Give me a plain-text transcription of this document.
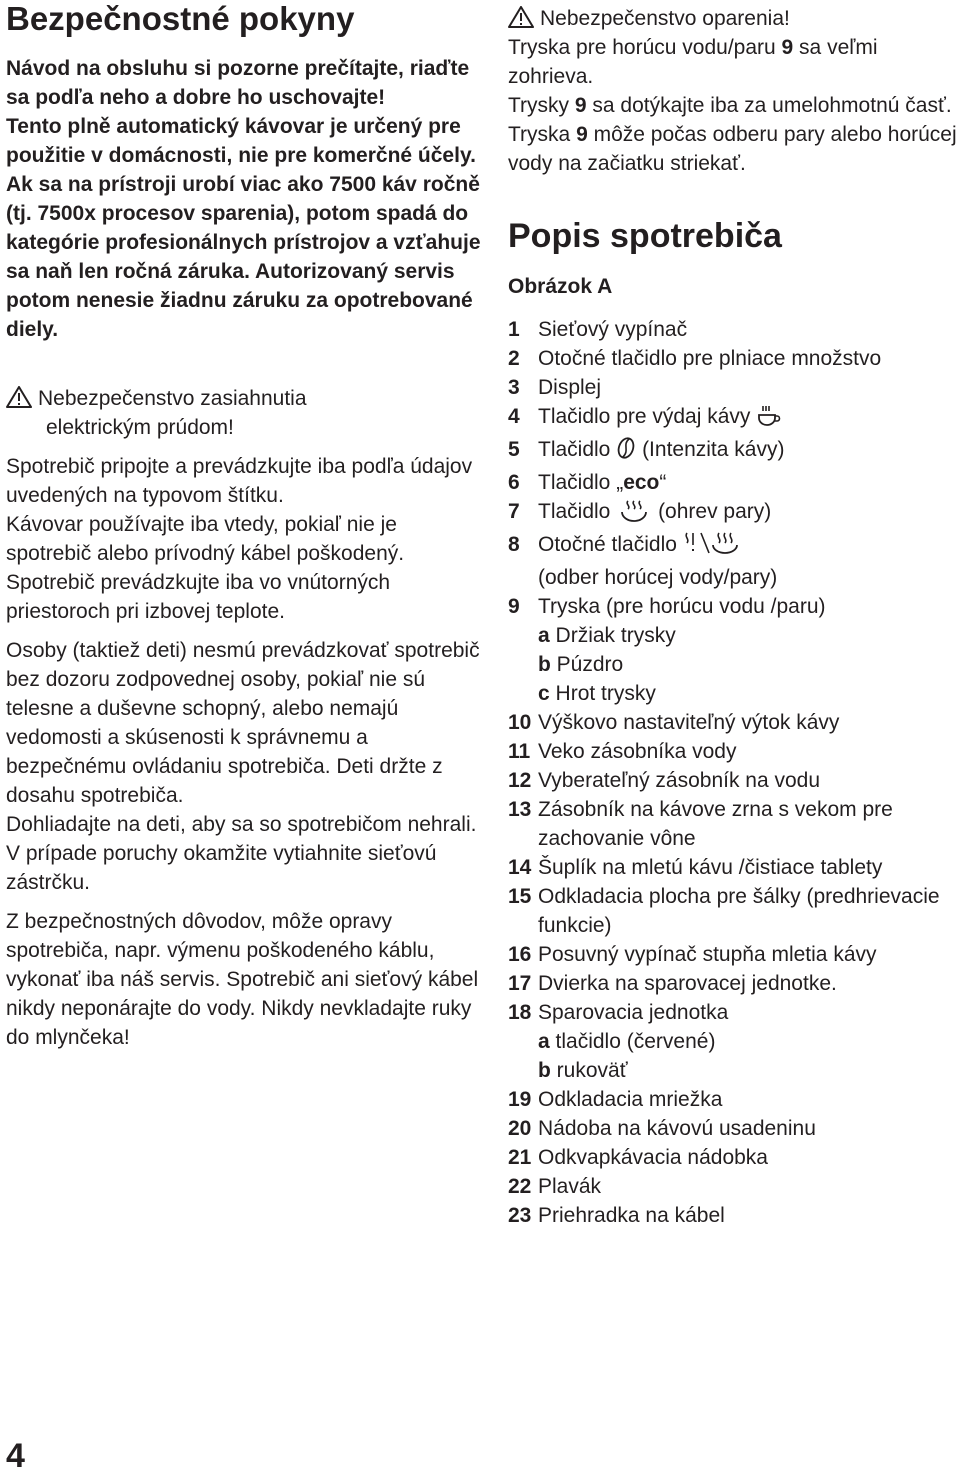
Bezpečnostné pokyny

Návod na obsluhu si pozorne prečítajte, riaďte sa podľa neho a dobre ho uschovajte!

Tento plně automatický kávovar je určený pre použitie v domácnosti, nie pre komerčné účely.

Ak sa na prístroji urobí viac ako 7500 káv ročně (tj. 7500x procesov sparenia), potom spadá do kategórie profesionálnych prístrojov a vzťahuje sa naň len ročná záruka. Autorizovaný servis potom nenesie žiadnu záruku za opotrebované diely.

Nebezpečenstvo zasiahnutia
elektrickým prúdom!

Spotrebič pripojte a prevádzkujte iba podľa údajov uvedených na typovom štítku.

Kávovar používajte iba vtedy, pokiaľ nie je spotrebič alebo prívodný kábel poškodený.

Spotrebič prevádzkujte iba vo vnútorných priestoroch pri izbovej teplote.

Osoby (taktiež deti) nesmú prevádzkovať spotrebič bez dozoru zodpovednej osoby, pokiaľ nie sú telesne a duševne schopný, alebo nemajú vedomosti a skúsenosti k správnemu a bezpečnému ovládaniu spotrebiča. Deti držte z dosahu spotrebiča.

Dohliadajte na deti, aby sa so spotrebičom nehrali.

V prípade poruchy okamžite vytiahnite sieťovú zástrčku.

Z bezpečnostných dôvodov, môže opravy spotrebiča, napr. výmenu poškodeného káblu, vykonať iba náš servis. Spotrebič ani sieťový kábel nikdy neponárajte do vody. Nikdy nevkladajte ruky do mlynčeka!

Nebezpečenstvo oparenia!
Tryska pre horúcu vodu/paru 9 sa veľmi zohrieva.
Trysky 9 sa dotýkajte iba za umelohmotnú časť.
Tryska 9 môže počas odberu pary alebo horúcej vody na začiatku striekať.
Popis spotrebiča
Obrázok A
1 Sieťový vypínač
2 Otočné tlačidlo pre plniace množstvo
3 Displej
4 Tlačidlo pre výdaj kávy
5 Tlačidlo (Intenzita kávy)
6 Tlačidlo „eco“
7 Tlačidlo (ohrev pary)
8 Otočné tlačidlo
(odber horúcej vody/pary)
9 Tryska (pre horúcu vodu /paru)
a Držiak trysky
b Púzdro
c Hrot trysky
10 Výškovo nastaviteľný výtok kávy
11 Veko zásobníka vody
12 Vyberateľný zásobník na vodu
13 Zásobník na kávove zrna s vekom pre zachovanie vône
14 Šuplík na mletú kávu /čistiace tablety
15 Odkladacia plocha pre šálky (predhrievacie funkcie)
16 Posuvný vypínač stupňa mletia kávy
17 Dvierka na sparovacej jednotke.
18 Sparovacia jednotka
a tlačidlo (červené)
b rukoväť
19 Odkladacia mriežka
20 Nádoba na kávovú usadeninu
21 Odkvapkávacia nádobka
22 Plavák
23 Priehradka na kábel
4
